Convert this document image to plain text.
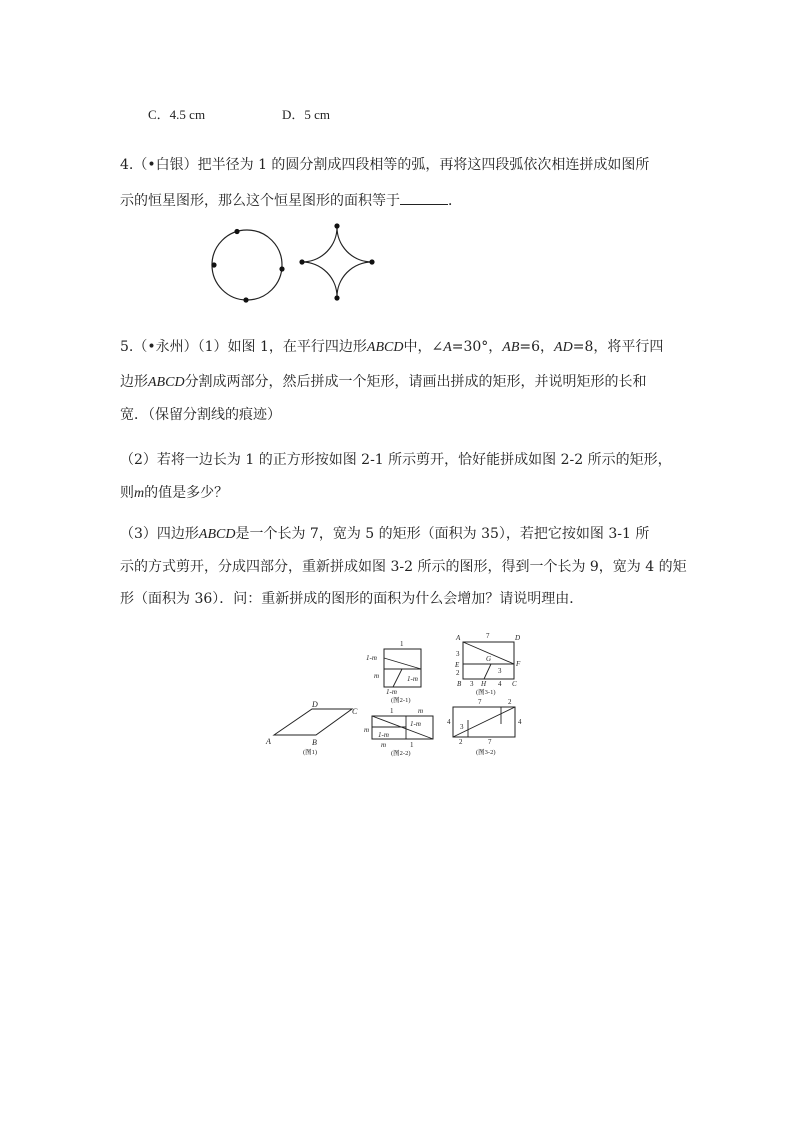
C．4.5 cm	D．5 cm
4.（•白银）把半径为 1 的圆分割成四段相等的弧，再将这四段弧依次相连拼成如图所
示的恒星图形，那么这个恒星图形的面积等于	．
5.（•永州）（1）如图 1，在平行四边形ABCD中，∠A=30°，AB=6，AD=8，将平行四
边形ABCD分割成两部分，然后拼成一个矩形，请画出拼成的矩形，并说明矩形的长和
宽．（保留分割线的痕迹）
（2）若将一边长为 1 的正方形按如图 2-1 所示剪开，恰好能拼成如图 2-2 所示的矩形，
则m的值是多少？
（3）四边形ABCD是一个长为 7，宽为 5 的矩形（面积为 35），若把它按如图 3-1 所
示的方式剪开，分成四部分，重新拼成如图 3-2 所示的图形，得到一个长为 9，宽为 4 的矩
形（面积为 36）．问：重新拼成的图形的面积为什么会增加？请说明理由．
A	B
C
D
(图1)
1
1-m
m	1-m
1-m
(图2-1)
1	m
m
1-m
1-m
m	1
(图2-2)
A	7	D
3
E
G
F
2	3
B 3 H 4 C
(图3-1)
7	2
4
3
4
2	7
(图3-2)
